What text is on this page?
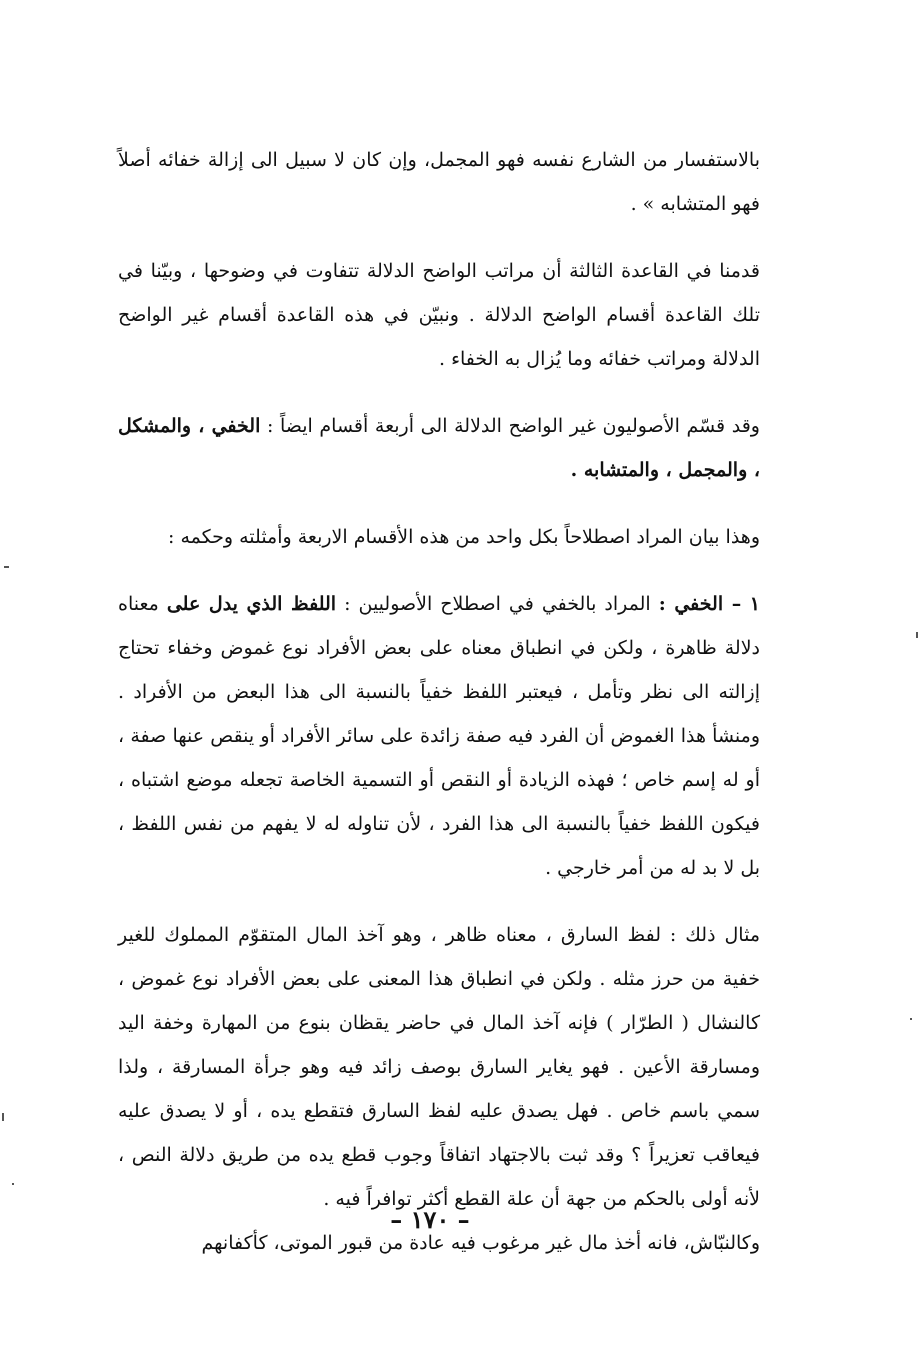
بالاستفسار من الشارع نفسه فهو المجمل، وإن كان لا سبيل الى إزالة خفائه أصلاً فهو المتشابه » .

قدمنا في القاعدة الثالثة أن مراتب الواضح الدلالة تتفاوت في وضوحها ، وبيّنا في تلك القاعدة أقسام الواضح الدلالة . ونبيّن في هذه القاعدة أقسام غير الواضح الدلالة ومراتب خفائه وما يُزال به الخفاء .

وقد قسّم الأصوليون غير الواضح الدلالة الى أربعة أقسام ايضاً : الخفي ، والمشكل ، والمجمل ، والمتشابه .

وهذا بيان المراد اصطلاحاً بكل واحد من هذه الأقسام الاربعة وأمثلته وحكمه :

١ – الخفي : المراد بالخفي في اصطلاح الأصوليين : اللفظ الذي يدل على معناه دلالة ظاهرة ، ولكن في انطباق معناه على بعض الأفراد نوع غموض وخفاء تحتاج إزالته الى نظر وتأمل ، فيعتبر اللفظ خفياً بالنسبة الى هذا البعض من الأفراد . ومنشأ هذا الغموض أن الفرد فيه صفة زائدة على سائر الأفراد أو ينقص عنها صفة ، أو له إسم خاص ؛ فهذه الزيادة أو النقص أو التسمية الخاصة تجعله موضع اشتباه ، فيكون اللفظ خفياً بالنسبة الى هذا الفرد ، لأن تناوله له لا يفهم من نفس اللفظ ، بل لا بد له من أمر خارجي .

مثال ذلك : لفظ السارق ، معناه ظاهر ، وهو آخذ المال المتقوّم المملوك للغير خفية من حرز مثله . ولكن في انطباق هذا المعنى على بعض الأفراد نوع غموض ، كالنشال ( الطرّار ) فإنه آخذ المال في حاضر يقظان بنوع من المهارة وخفة اليد ومسارقة الأعين . فهو يغاير السارق بوصف زائد فيه وهو جرأة المسارقة ، ولذا سمي باسم خاص . فهل يصدق عليه لفظ السارق فتقطع يده ، أو لا يصدق عليه فيعاقب تعزيراً ؟ وقد ثبت بالاجتهاد اتفاقاً وجوب قطع يده من طريق دلالة النص ، لأنه أولى بالحكم من جهة أن علة القطع أكثر توافراً فيه .

وكالنبّاش، فانه أخذ مال غير مرغوب فيه عادة من قبور الموتى، كأكفانهم

– ١٧٠ –
